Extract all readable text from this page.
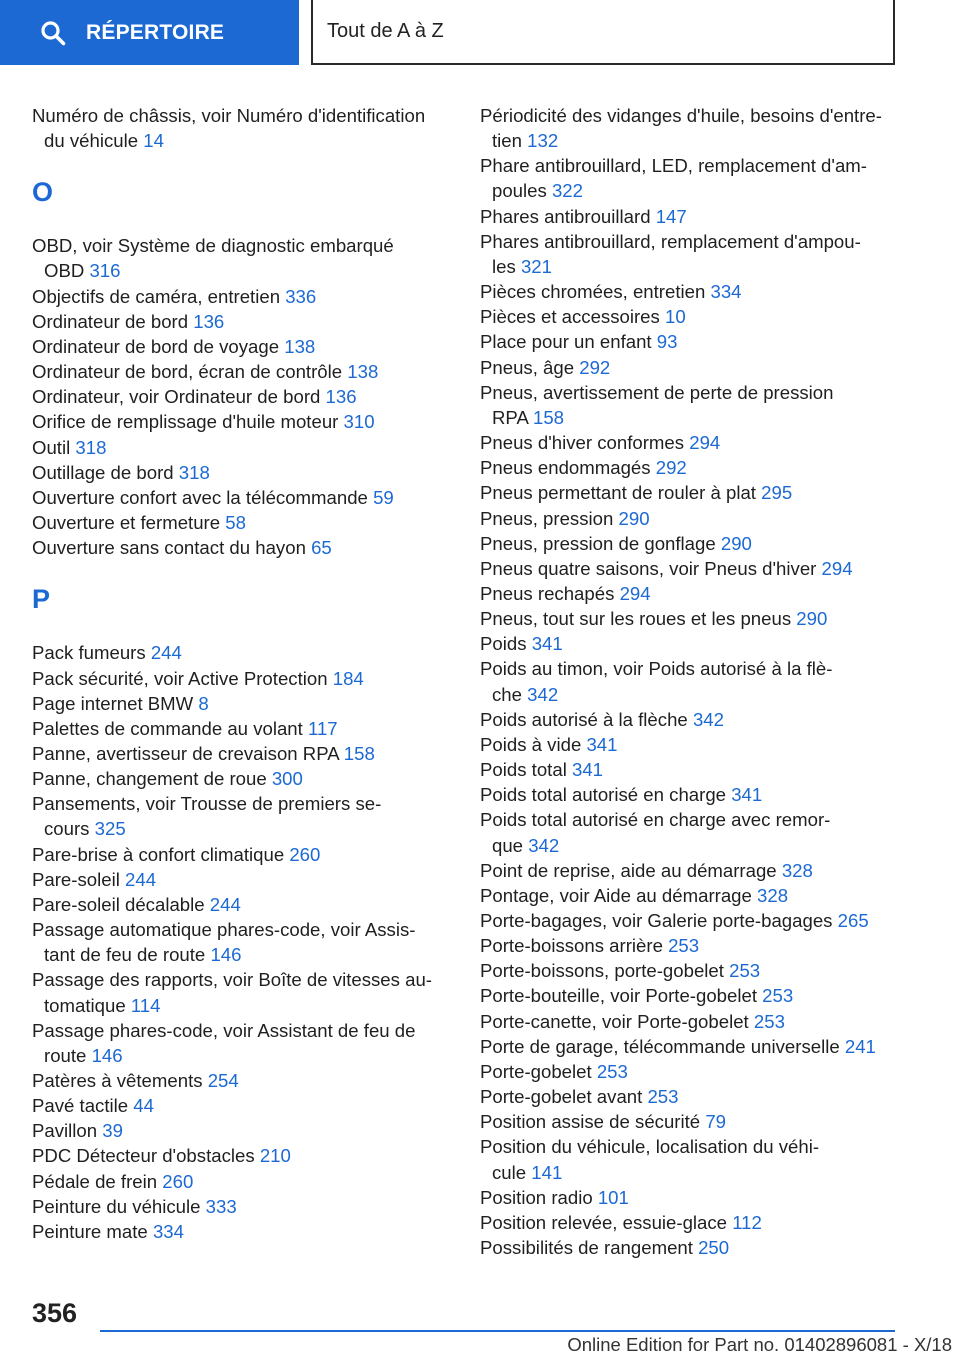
RÉPERTOIRE	Tout de A à Z
Numéro de châssis, voir Numéro d'identification
du véhicule 14
O
OBD, voir Système de diagnostic embarqué
OBD 316
Objectifs de caméra, entretien 336
Ordinateur de bord 136
Ordinateur de bord de voyage 138
Ordinateur de bord, écran de contrôle 138
Ordinateur, voir Ordinateur de bord 136
Orifice de remplissage d'huile moteur 310
Outil 318
Outillage de bord 318
Ouverture confort avec la télécommande 59
Ouverture et fermeture 58
Ouverture sans contact du hayon 65
P
Pack fumeurs 244
Pack sécurité, voir Active Protection 184
Page internet BMW 8
Palettes de commande au volant 117
Panne, avertisseur de crevaison RPA 158
Panne, changement de roue 300
Pansements, voir Trousse de premiers se-
cours 325
Pare-brise à confort climatique 260
Pare-soleil 244
Pare-soleil décalable 244
Passage automatique phares-code, voir Assis-
tant de feu de route 146
Passage des rapports, voir Boîte de vitesses au-
tomatique 114
Passage phares-code, voir Assistant de feu de
route 146
Patères à vêtements 254
Pavé tactile 44
Pavillon 39
PDC Détecteur d'obstacles 210
Pédale de frein 260
Peinture du véhicule 333
Peinture mate 334
Périodicité des vidanges d'huile, besoins d'entre-
tien 132
Phare antibrouillard, LED, remplacement d'am-
poules 322
Phares antibrouillard 147
Phares antibrouillard, remplacement d'ampou-
les 321
Pièces chromées, entretien 334
Pièces et accessoires 10
Place pour un enfant 93
Pneus, âge 292
Pneus, avertissement de perte de pression
RPA 158
Pneus d'hiver conformes 294
Pneus endommagés 292
Pneus permettant de rouler à plat 295
Pneus, pression 290
Pneus, pression de gonflage 290
Pneus quatre saisons, voir Pneus d'hiver 294
Pneus rechapés 294
Pneus, tout sur les roues et les pneus 290
Poids 341
Poids au timon, voir Poids autorisé à la flè-
che 342
Poids autorisé à la flèche 342
Poids à vide 341
Poids total 341
Poids total autorisé en charge 341
Poids total autorisé en charge avec remor-
que 342
Point de reprise, aide au démarrage 328
Pontage, voir Aide au démarrage 328
Porte-bagages, voir Galerie porte-bagages 265
Porte-boissons arrière 253
Porte-boissons, porte-gobelet 253
Porte-bouteille, voir Porte-gobelet 253
Porte-canette, voir Porte-gobelet 253
Porte de garage, télécommande universelle 241
Porte-gobelet 253
Porte-gobelet avant 253
Position assise de sécurité 79
Position du véhicule, localisation du véhi-
cule 141
Position radio 101
Position relevée, essuie-glace 112
Possibilités de rangement 250
356
Online Edition for Part no. 01402896081 - X/18
